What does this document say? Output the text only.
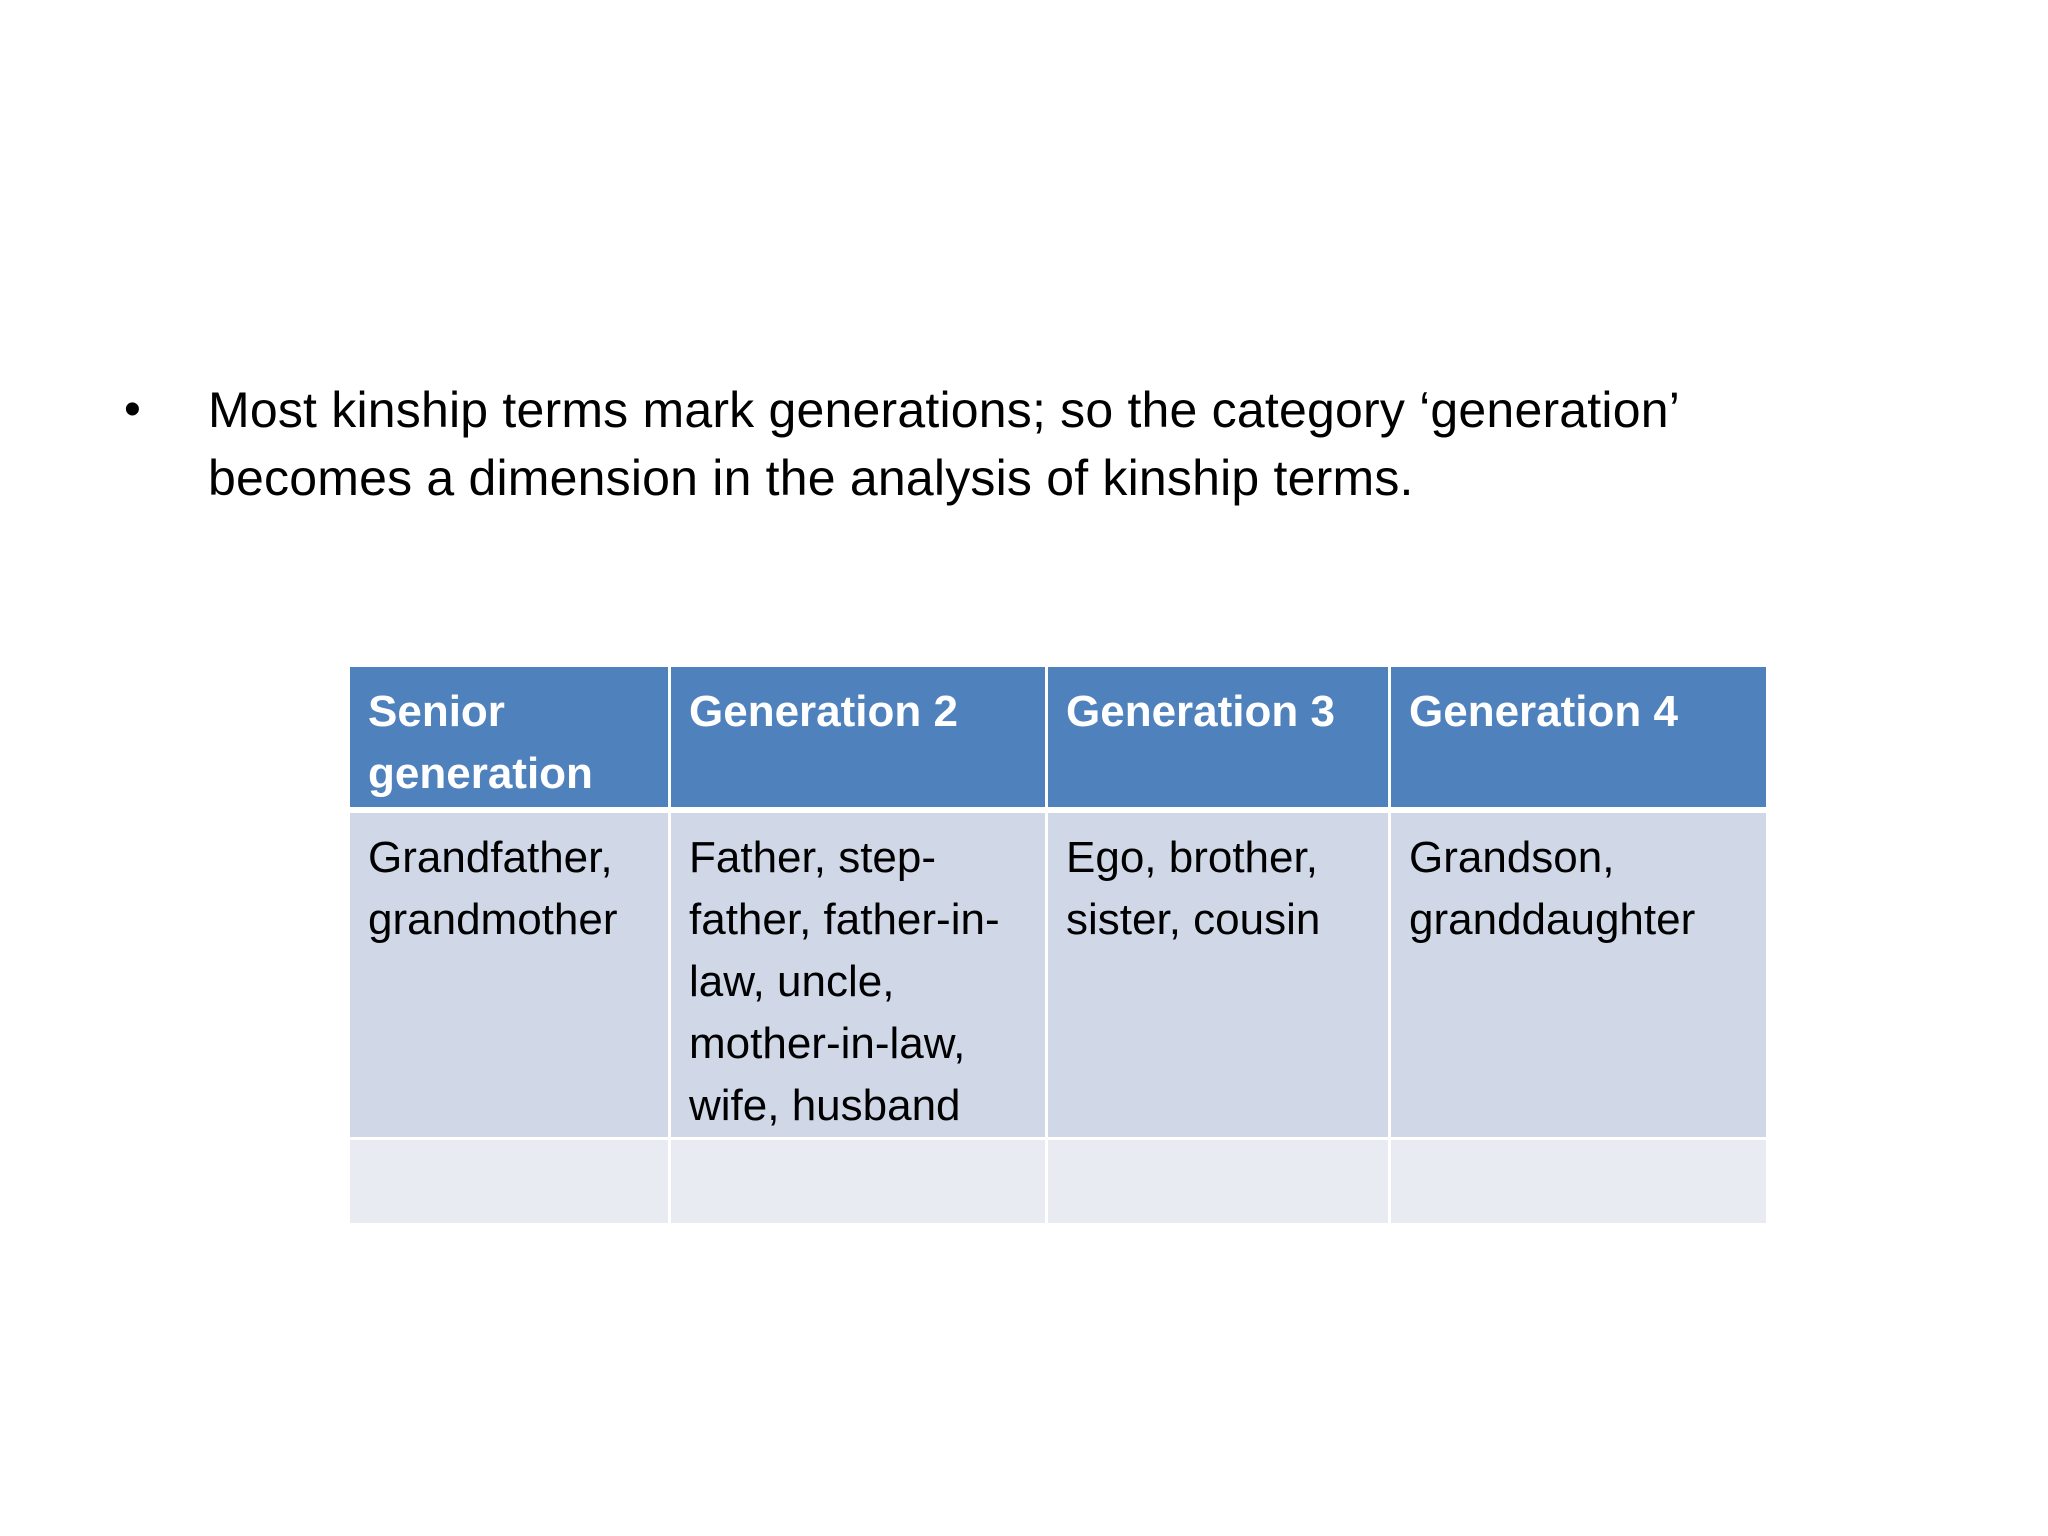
•	Most kinship terms mark generations; so the category ‘generation’ becomes a dimension in the analysis of kinship terms.
Senior generation	Generation 2	Generation 3	Generation 4
Grandfather, grandmother	Father, step-father, father-in-law, uncle, mother-in-law, wife, husband	Ego, brother, sister, cousin	Grandson, granddaughter
